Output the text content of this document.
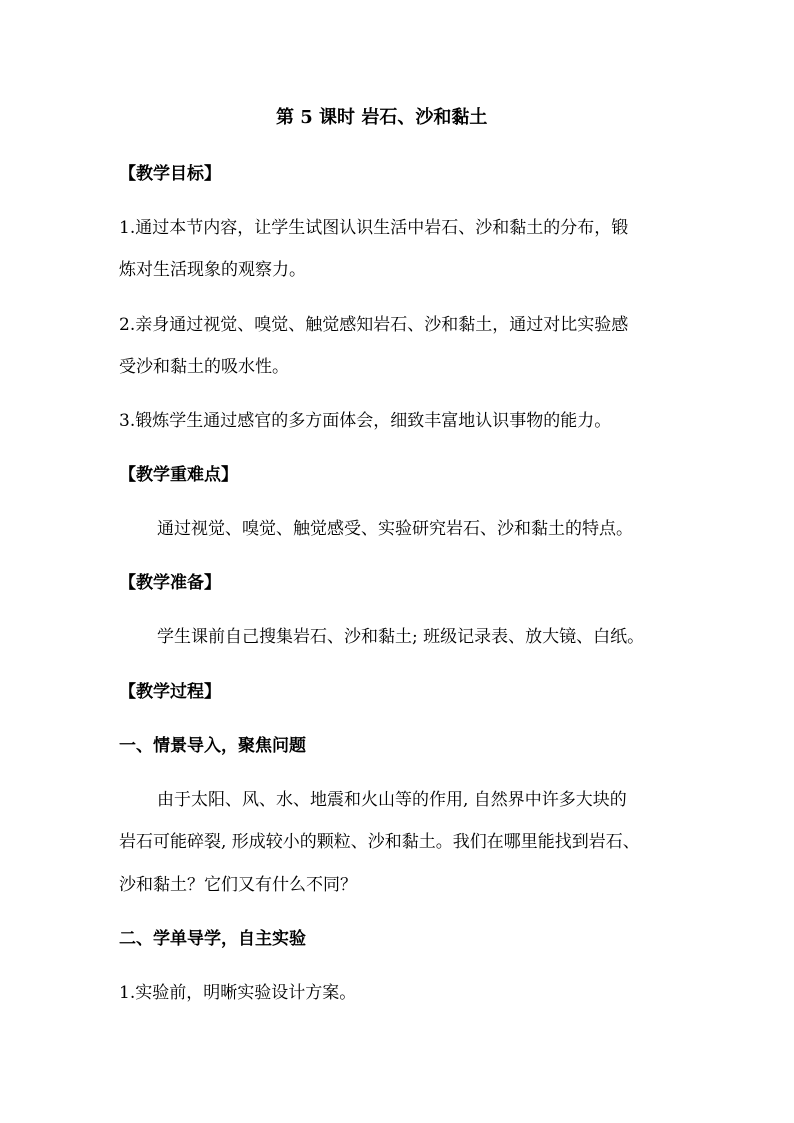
第 5 课时 岩石、沙和黏土
【教学目标】
1.通过本节内容，让学生试图认识生活中岩石、沙和黏土的分布，锻
炼对生活现象的观察力。
2.亲身通过视觉、嗅觉、触觉感知岩石、沙和黏土，通过对比实验感
受沙和黏土的吸水性。
3.锻炼学生通过感官的多方面体会，细致丰富地认识事物的能力。
【教学重难点】
通过视觉、嗅觉、触觉感受、实验研究岩石、沙和黏土的特点。
【教学准备】
学生课前自己搜集岩石、沙和黏土; 班级记录表、放大镜、白纸。
【教学过程】
一、情景导入，聚焦问题
由于太阳、风、水、地震和火山等的作用, 自然界中许多大块的
岩石可能碎裂, 形成较小的颗粒、沙和黏土。我们在哪里能找到岩石、
沙和黏土？它们又有什么不同？
二、学单导学，自主实验
1.实验前，明晰实验设计方案。
